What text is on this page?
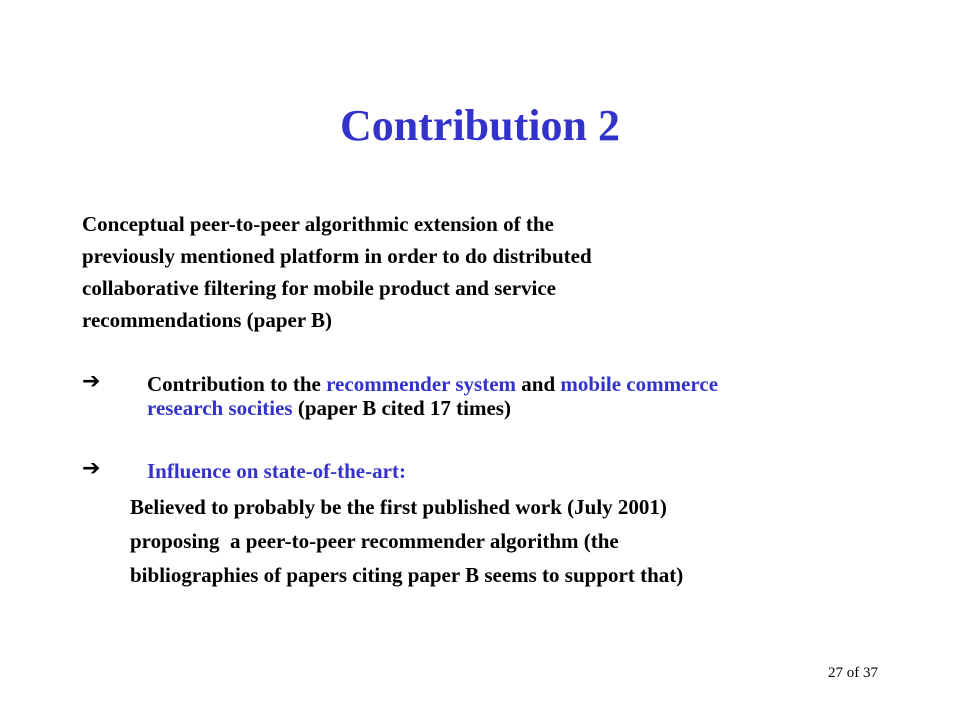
Contribution 2
Conceptual peer-to-peer algorithmic extension of the
previously mentioned platform in order to do distributed
collaborative filtering for mobile product and service
recommendations (paper B)
➔ Contribution to the recommender system and mobile commerce
research socities (paper B cited 17 times)
➔ Influence on state-of-the-art:
Believed to probably be the first published work (July 2001)
proposing  a peer-to-peer recommender algorithm (the
bibliographies of papers citing paper B seems to support that)
27 of 37
